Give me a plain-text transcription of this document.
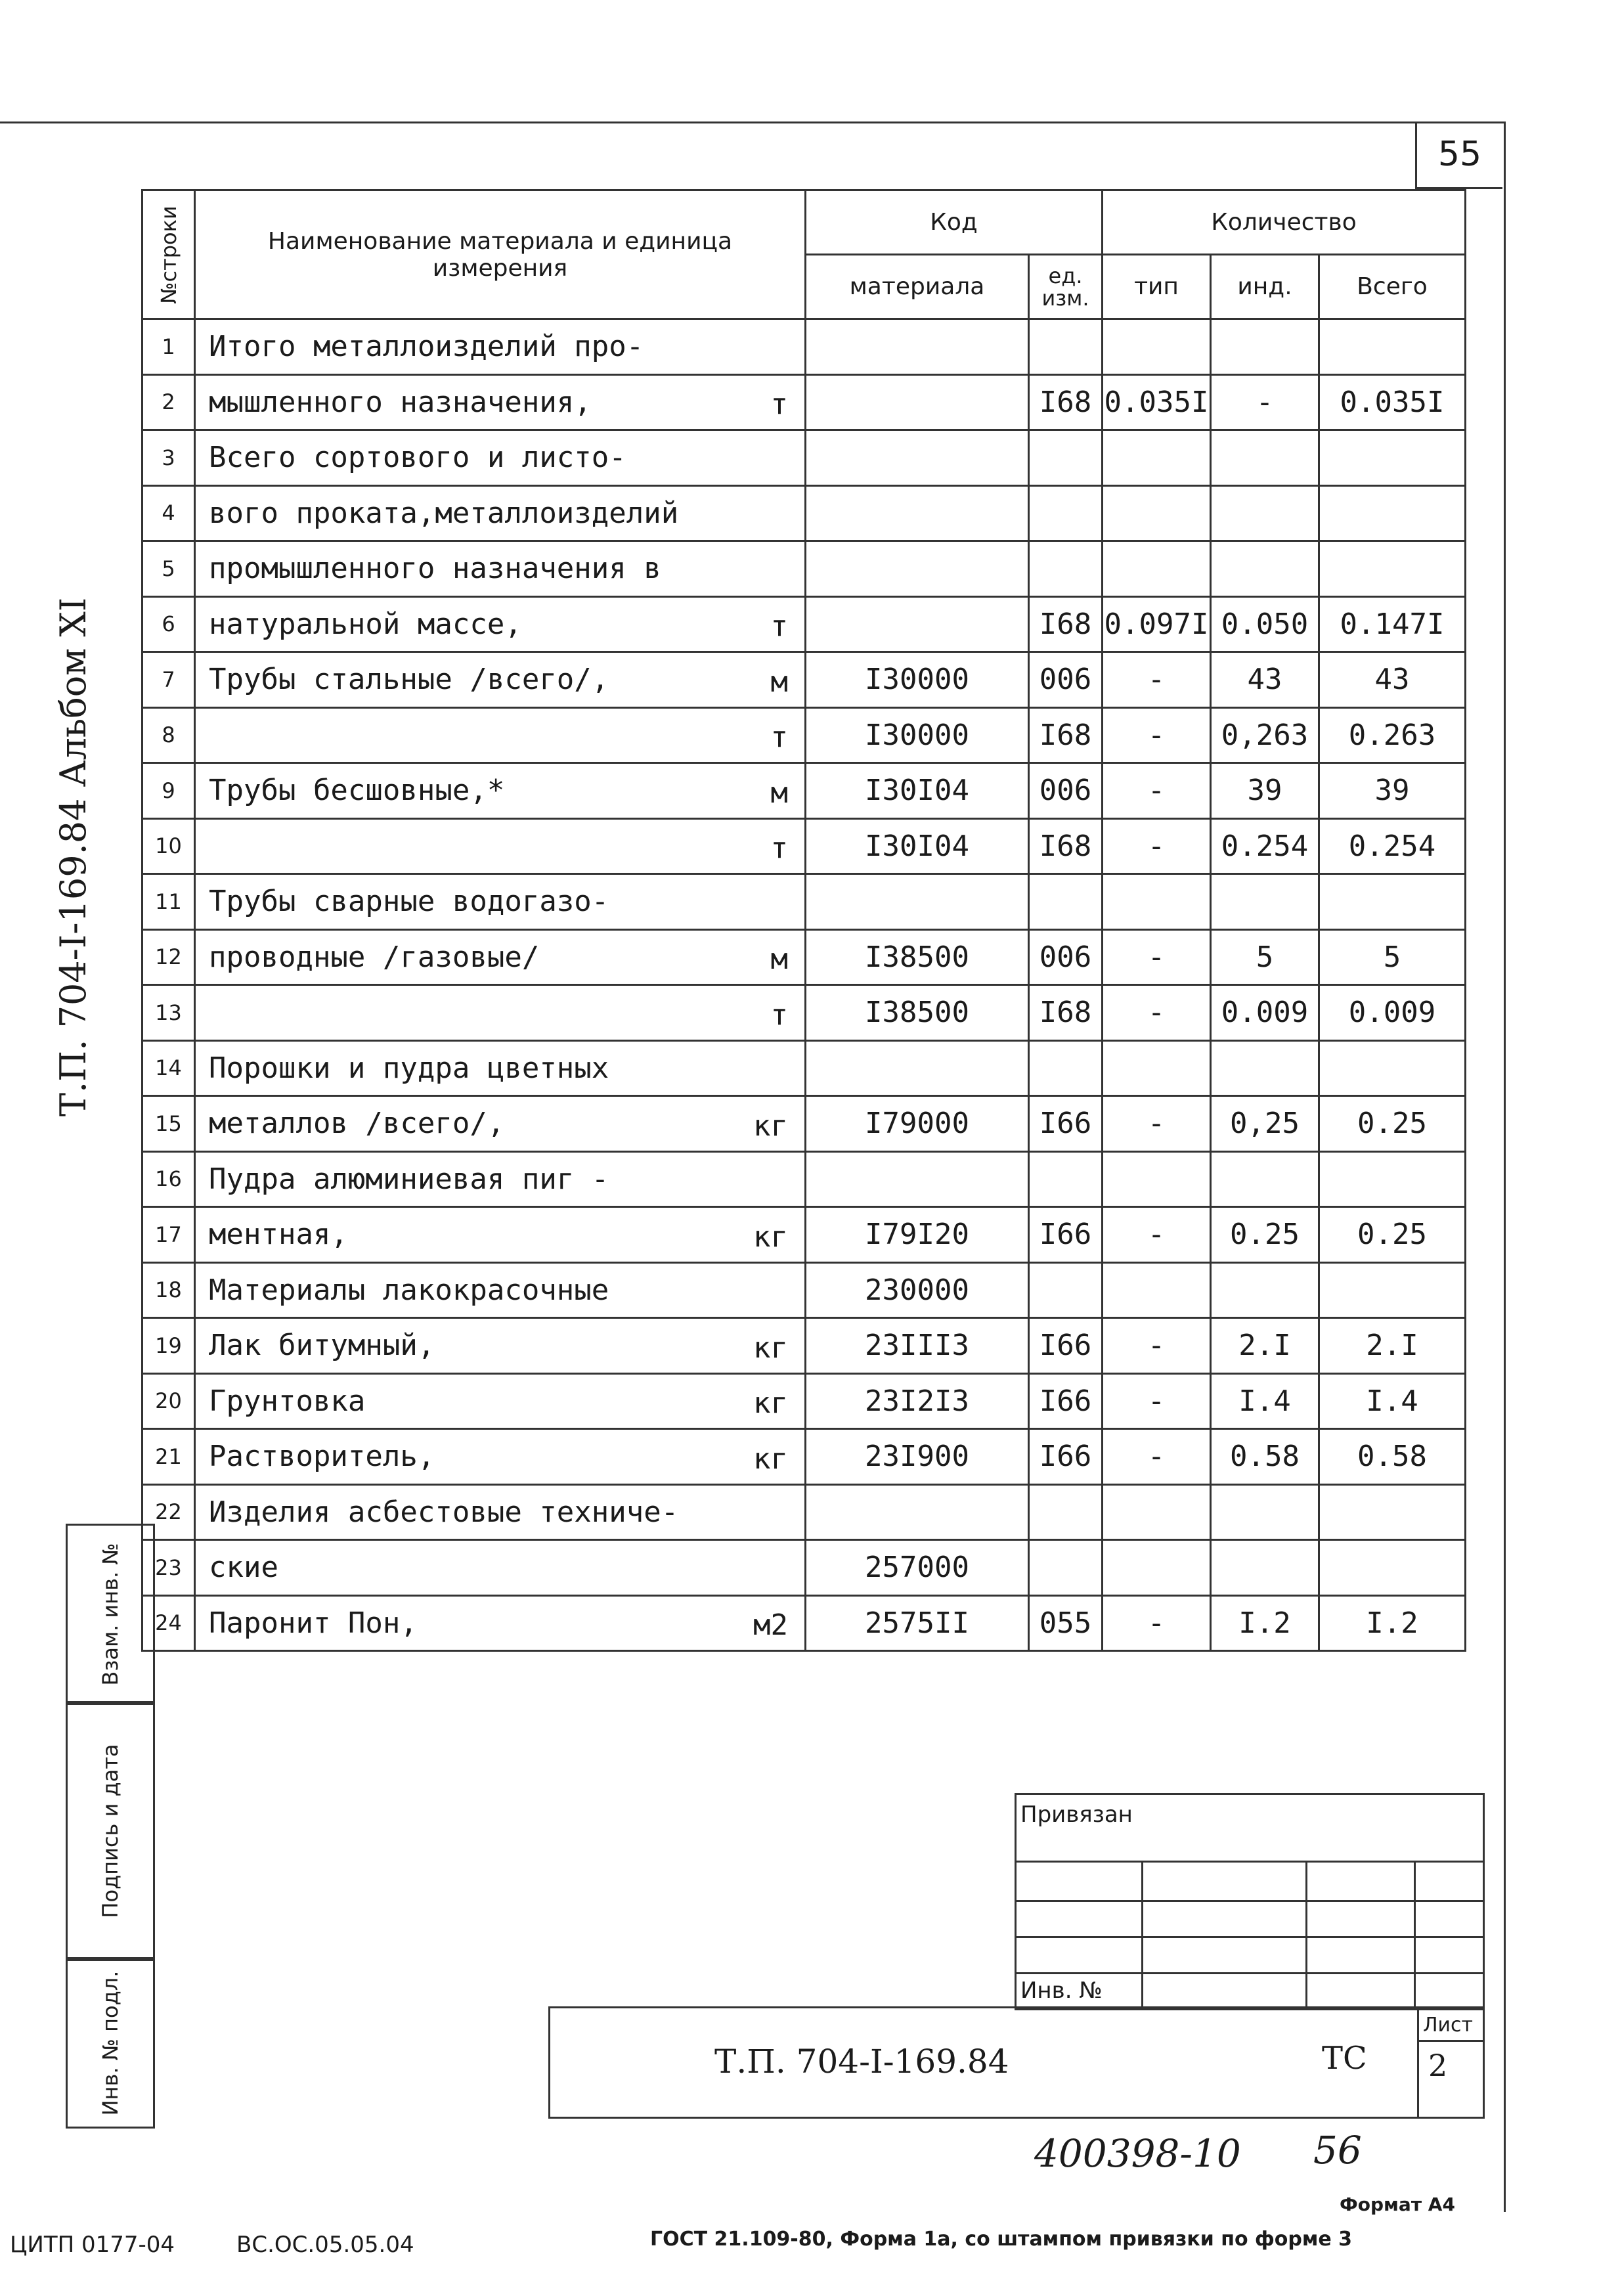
55
Т.П. 704-I-169.84 Альбом XI
№строки	Наименование материала и единица измерения	Код		Количество		
		материала	ед. изм.	тип	инд.	Всего
1	Итого металлоизделий про-

2	мышленного назначения, т		I68	0.035I	-	0.035I
3	Всего сортового и листо-

4	вого проката,металлоизделий

5	промышленного назначения в

6	натуральной массе, т		I68	0.097I	0.050	0.147I
7	Трубы стальные /всего/, м	I30000	006	-	43	43
8	т	I30000	I68	-	0,263	0.263
9	Трубы бесшовные,* м	I30I04	006	-	39	39
10	т	I30I04	I68	-	0.254	0.254
11	Трубы сварные водогазо-

12	проводные /газовые/ м	I38500	006	-	5	5
13	т	I38500	I68	-	0.009	0.009
14	Порошки и пудра цветных

15	металлов /всего/, кг	I79000	I66	-	0,25	0.25
16	Пудра алюминиевая пиг -

17	ментная, кг	I79I20	I66	-	0.25	0.25
18	Материалы лакокрасочные	230000				
19	Лак битумный, кг	23III3	I66	-	2.I	2.I
20	Грунтовка кг	23I2I3	I66	-	I.4	I.4
21	Растворитель, кг	23I900	I66	-	0.58	0.58
22	Изделия асбестовые техниче-

23	ские	257000				
24	Паронит Пон, м2	2575II	055	-	I.2	I.2
Взам. инв. №
Подпись и дата
Инв. № подл.
Привязан
Инв. №
Т.П. 704-I-169.84	ТС
Лист
2
400398-10 56
Формат А4
ЦИТП 0177-04	ВС.ОС.05.05.04	ГОСТ 21.109-80, Форма 1а, со штампом привязки по форме 3
